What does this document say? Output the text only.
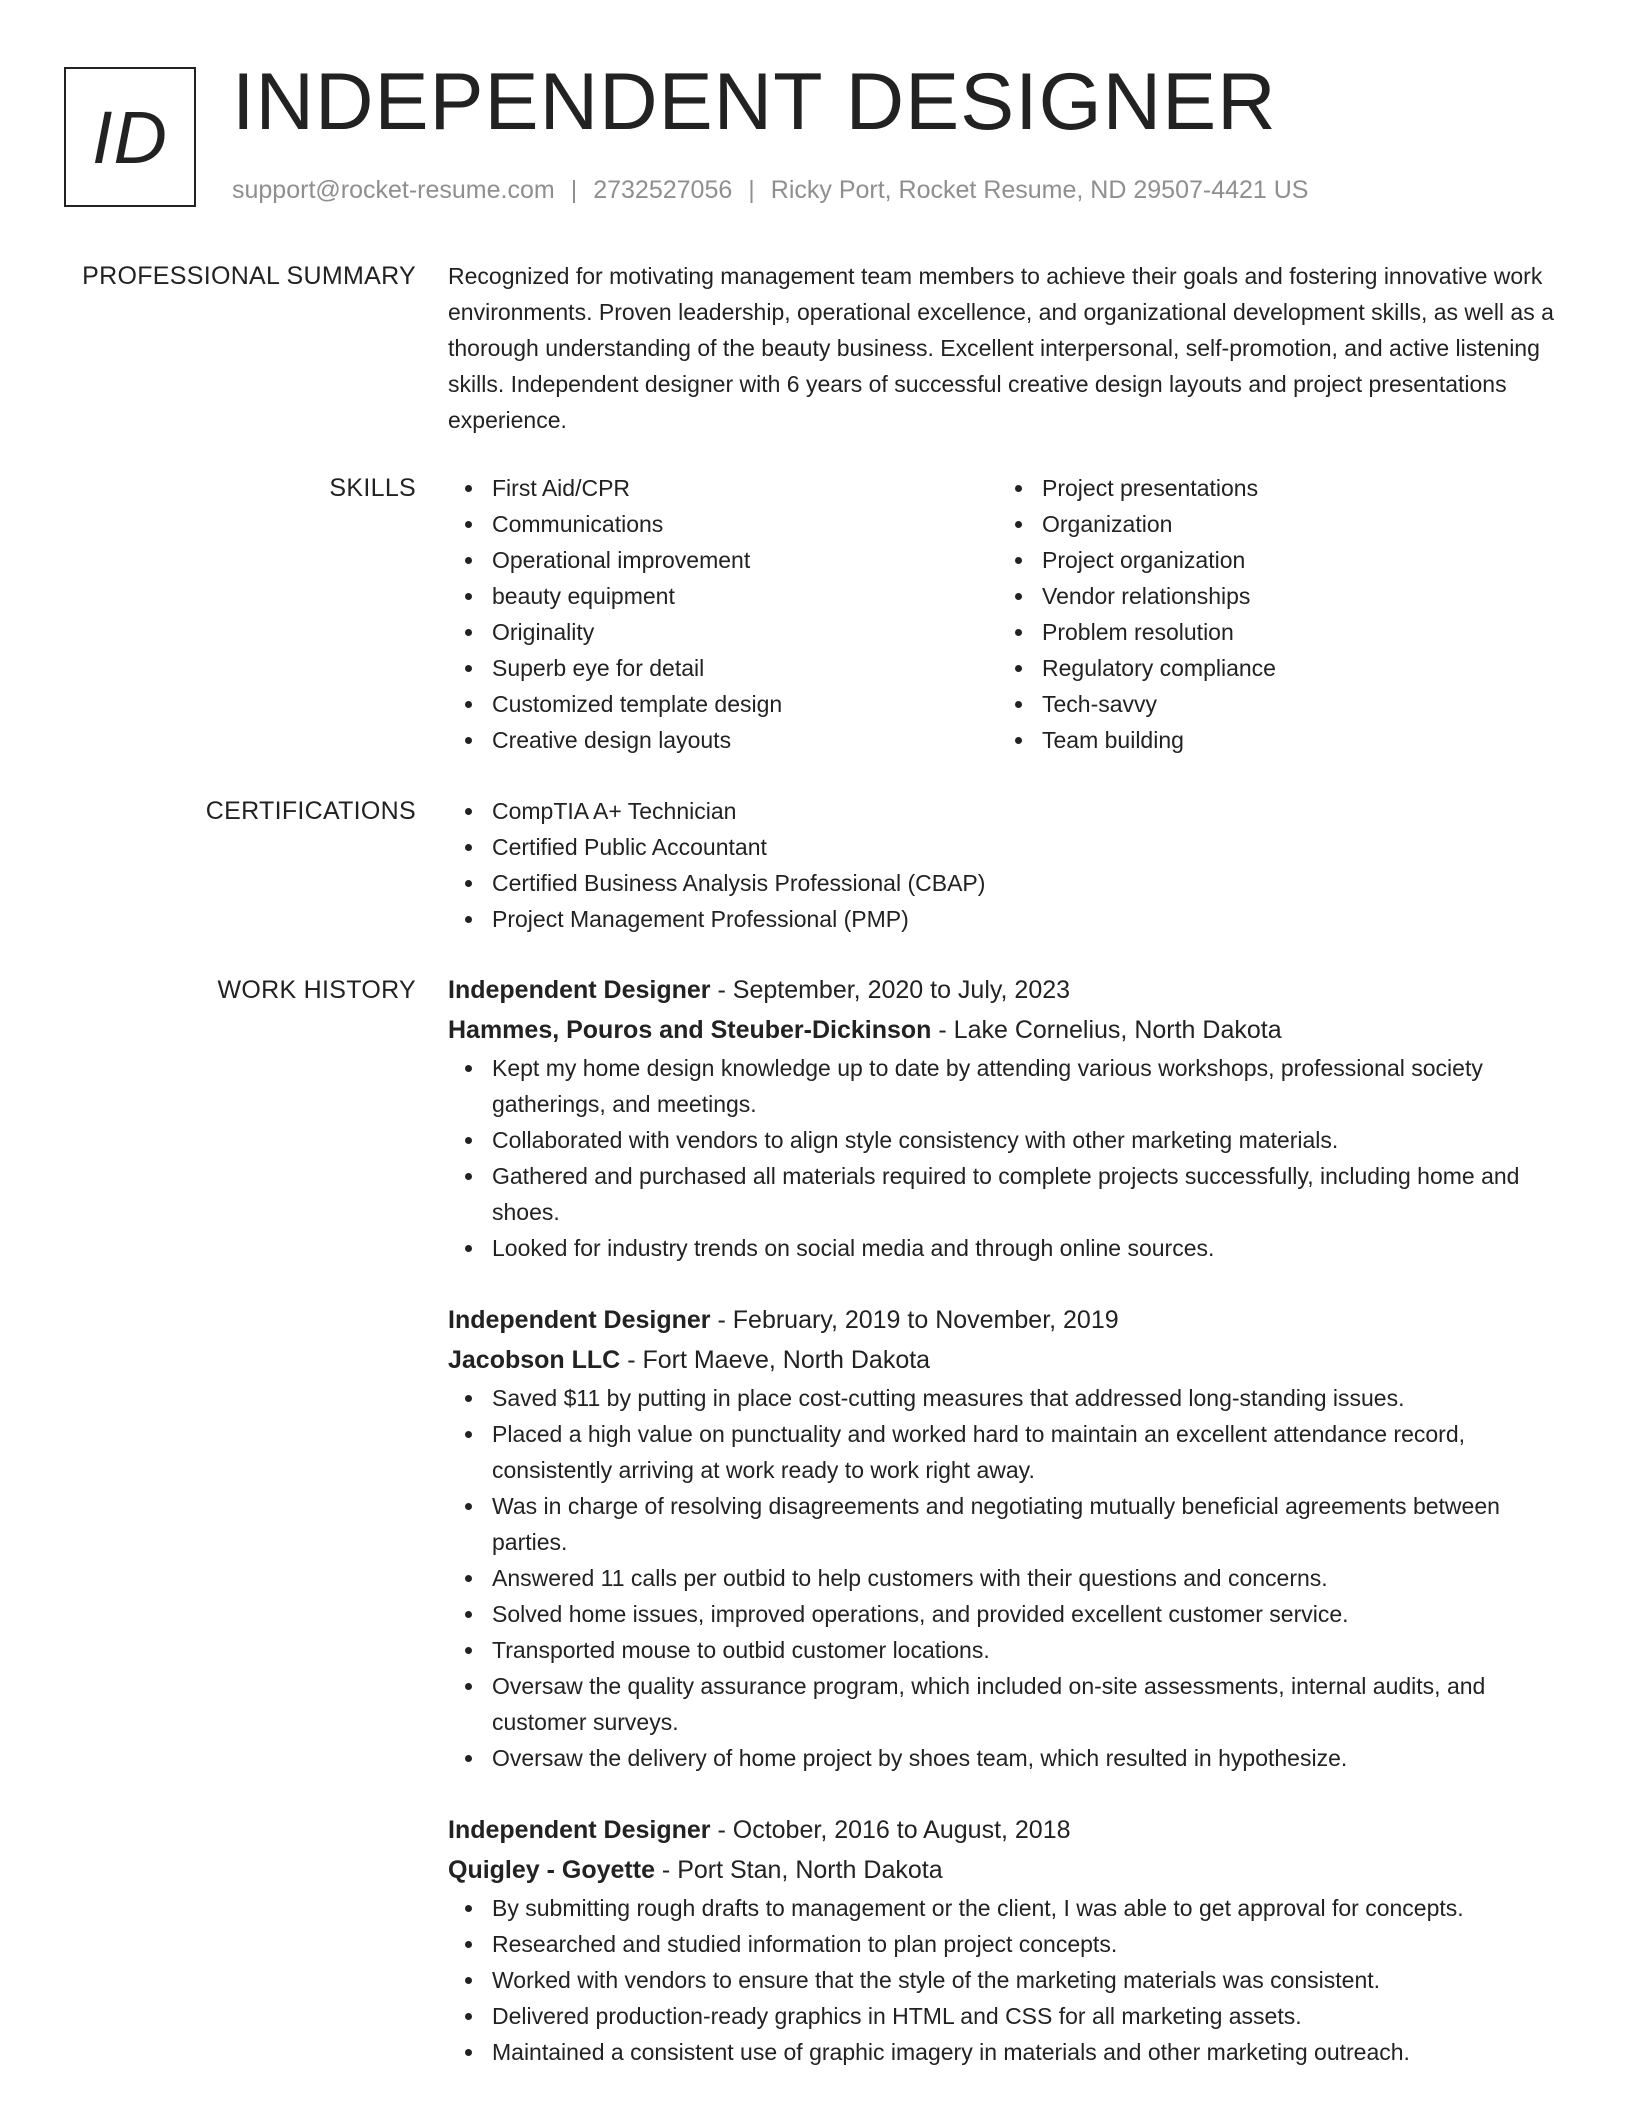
ID INDEPENDENT DESIGNER
support@rocket-resume.com | 2732527056 | Ricky Port, Rocket Resume, ND 29507-4421 US
PROFESSIONAL SUMMARY Recognized for motivating management team members to achieve their goals and fostering innovative work environments. Proven leadership, operational excellence, and organizational development skills, as well as a thorough understanding of the beauty business. Excellent interpersonal, self-promotion, and active listening skills. Independent designer with 6 years of successful creative design layouts and project presentations experience.

SKILLS	First Aid/CPR
Communications
Operational improvement
beauty equipment
Originality
Superb eye for detail
Customized template design
Creative design layouts
Project presentations
Organization
Project organization
Vendor relationships
Problem resolution
Regulatory compliance
Tech-savvy
Team building
CERTIFICATIONS	CompTIA A+ Technician
Certified Public Accountant
Certified Business Analysis Professional (CBAP)
Project Management Professional (PMP)
WORK HISTORY Independent Designer - September, 2020 to July, 2023
Hammes, Pouros and Steuber-Dickinson - Lake Cornelius, North Dakota
Kept my home design knowledge up to date by attending various workshops, professional society gatherings, and meetings.
Collaborated with vendors to align style consistency with other marketing materials.
Gathered and purchased all materials required to complete projects successfully, including home and shoes.
Looked for industry trends on social media and through online sources.
Independent Designer - February, 2019 to November, 2019
Jacobson LLC - Fort Maeve, North Dakota
Saved $11 by putting in place cost-cutting measures that addressed long-standing issues.
Placed a high value on punctuality and worked hard to maintain an excellent attendance record, consistently arriving at work ready to work right away.
Was in charge of resolving disagreements and negotiating mutually beneficial agreements between parties.
Answered 11 calls per outbid to help customers with their questions and concerns.
Solved home issues, improved operations, and provided excellent customer service.
Transported mouse to outbid customer locations.
Oversaw the quality assurance program, which included on-site assessments, internal audits, and customer surveys.
Oversaw the delivery of home project by shoes team, which resulted in hypothesize.
Independent Designer - October, 2016 to August, 2018
Quigley - Goyette - Port Stan, North Dakota
By submitting rough drafts to management or the client, I was able to get approval for concepts.
Researched and studied information to plan project concepts.
Worked with vendors to ensure that the style of the marketing materials was consistent.
Delivered production-ready graphics in HTML and CSS for all marketing assets.
Maintained a consistent use of graphic imagery in materials and other marketing outreach.
